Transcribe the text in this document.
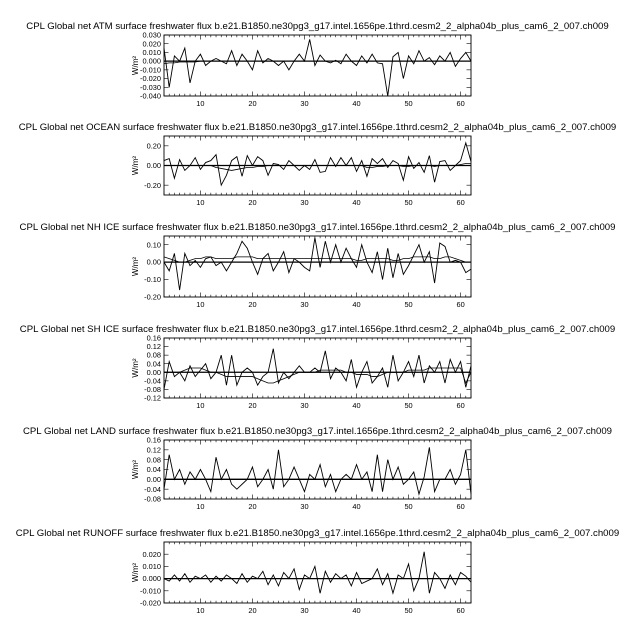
CPL Global net ATM surface freshwater flux b.e21.B1850.ne30pg3_g17.intel.1656pe.1thrd.cesm2_2_alpha04b_plus_cam6_2_007.ch009
10	20	30	40	50	60
0.030
0.020
0.010
0.000
-0.010
-0.020
-0.030
-0.040
W/m²
CPL Global net OCEAN surface freshwater flux b.e21.B1850.ne30pg3_g17.intel.1656pe.1thrd.cesm2_2_alpha04b_plus_cam6_2_007.ch009
10	20	30	40	50	60
0.20
0.00
-0.20
W/m²
CPL Global net NH ICE surface freshwater flux b.e21.B1850.ne30pg3_g17.intel.1656pe.1thrd.cesm2_2_alpha04b_plus_cam6_2_007.ch009
10	20	30	40	50	60
0.10
0.00
-0.10
-0.20
W/m²
CPL Global net SH ICE surface freshwater flux b.e21.B1850.ne30pg3_g17.intel.1656pe.1thrd.cesm2_2_alpha04b_plus_cam6_2_007.ch009
10	20	30	40	50	60
0.16
0.12
0.08
0.04
0.00
-0.04
-0.08
-0.12
W/m²
CPL Global net LAND surface freshwater flux b.e21.B1850.ne30pg3_g17.intel.1656pe.1thrd.cesm2_2_alpha04b_plus_cam6_2_007.ch009
10	20	30	40	50	60
0.16
0.12
0.08
0.04
0.00
-0.04
-0.08
W/m²
CPL Global net RUNOFF surface freshwater flux b.e21.B1850.ne30pg3_g17.intel.1656pe.1thrd.cesm2_2_alpha04b_plus_cam6_2_007.ch009
10	20	30	40	50	60
0.020
0.010
0.000
-0.010
-0.020
W/m²
